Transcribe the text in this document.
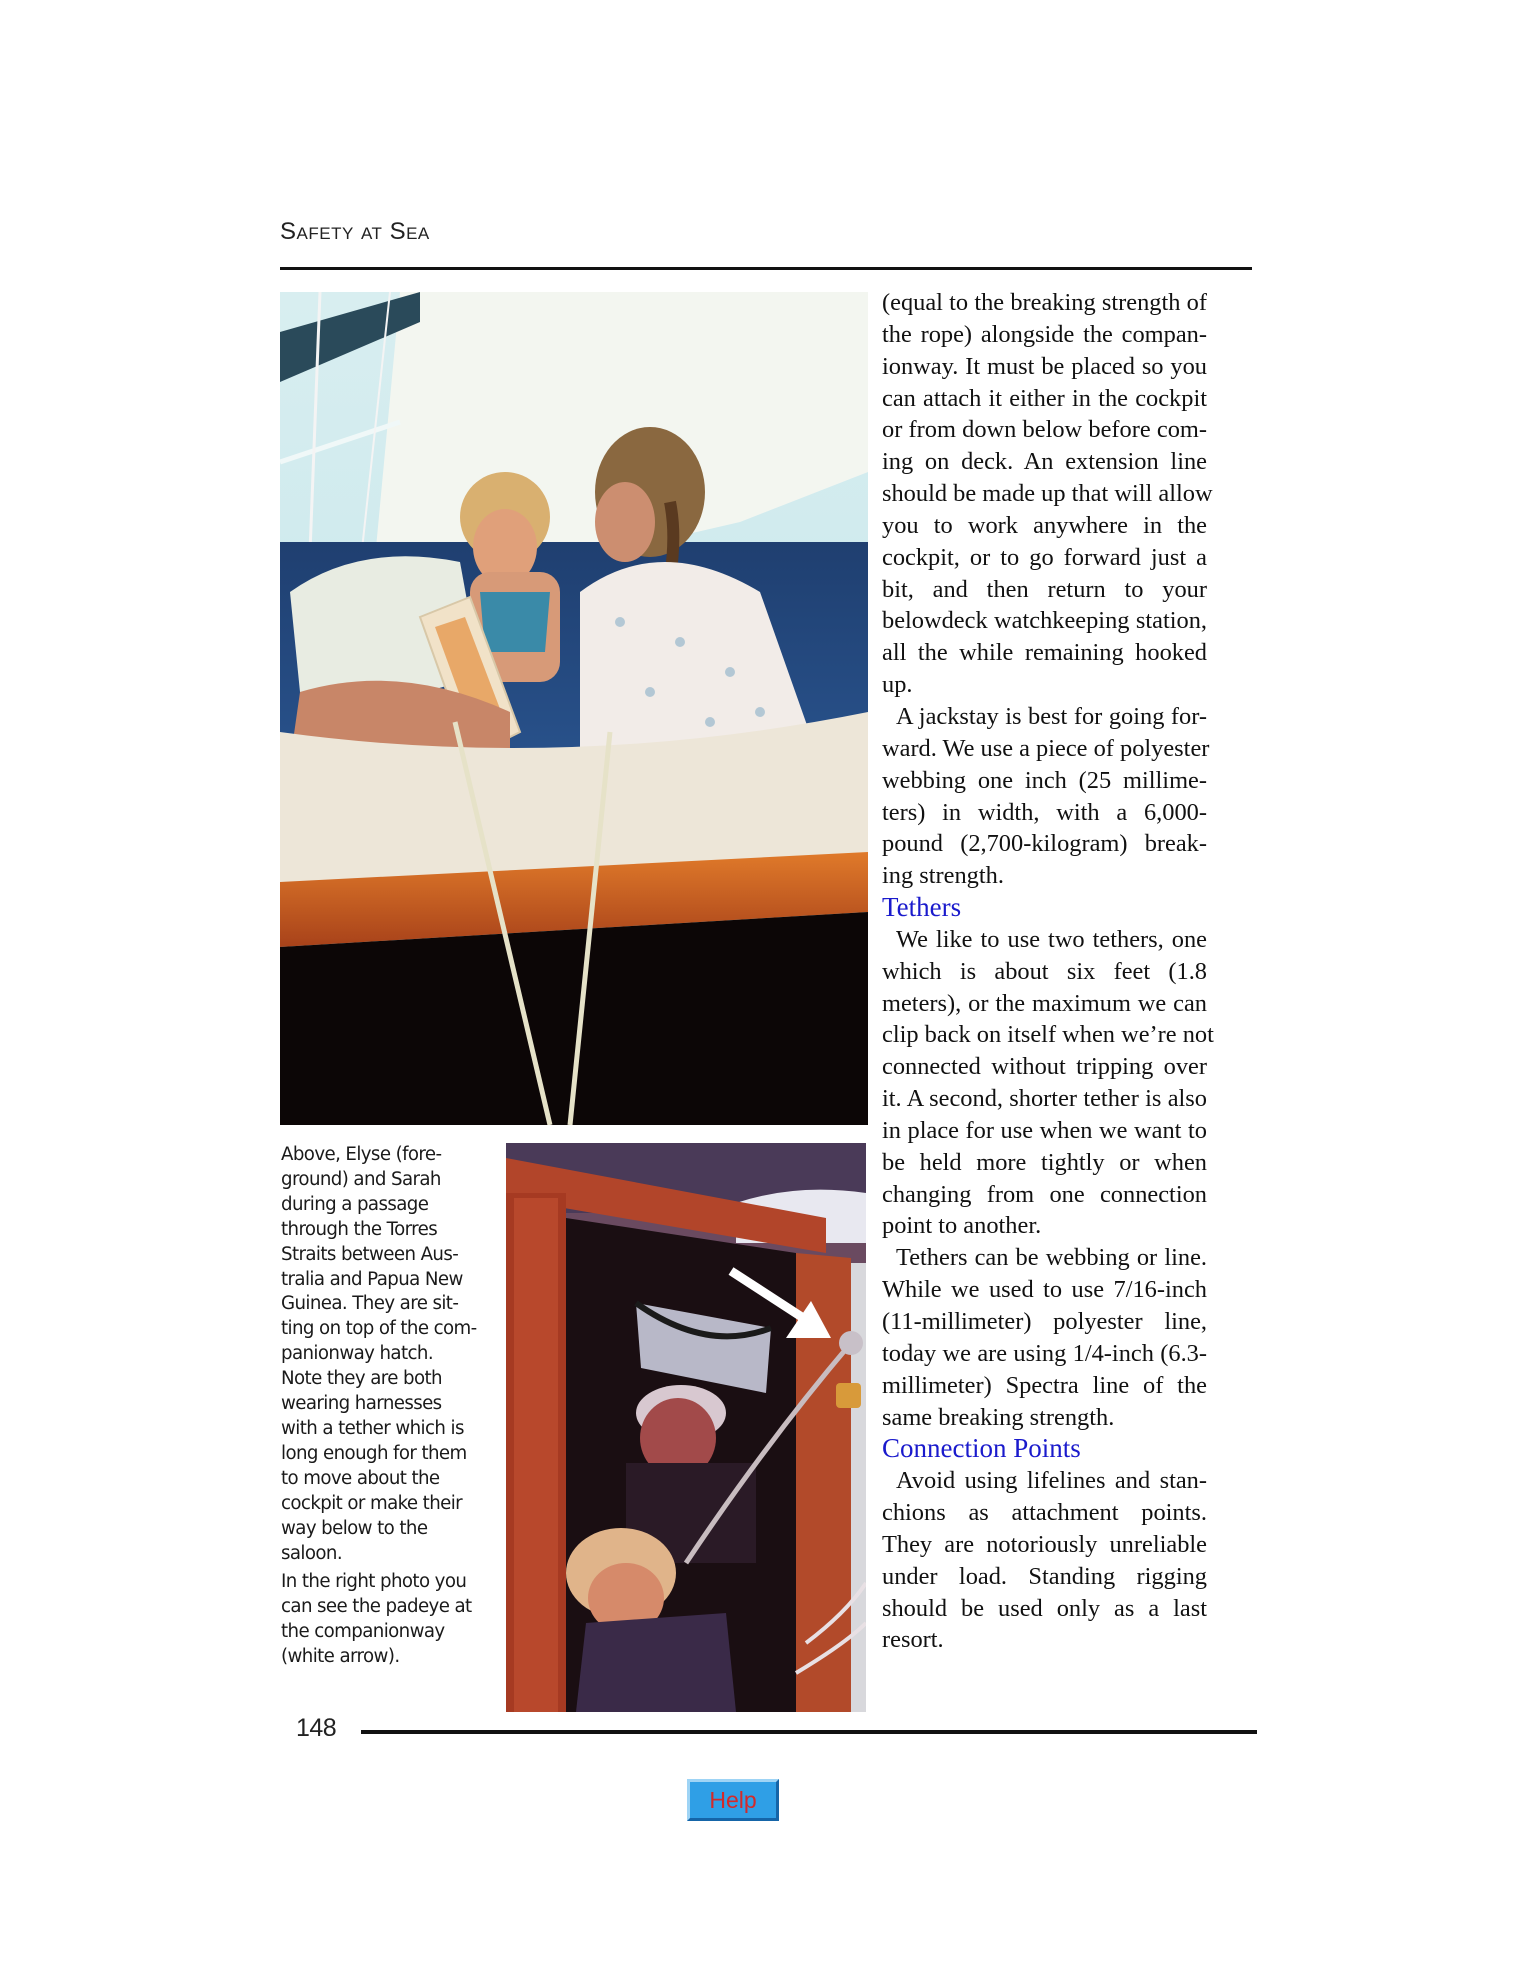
Safety at Sea

Above, Elyse (fore-
ground) and Sarah
during a passage
through the Torres
Straits between Aus-
tralia and Papua New
Guinea. They are sit-
ting on top of the com-
panionway hatch.
Note they are both
wearing harnesses
with a tether which is
long enough for them
to move about the
cockpit or make their
way below to the
saloon.

In the right photo you
can see the padeye at
the companionway
(white arrow).

(equal to the breaking strength of
the rope) alongside the compan-
ionway. It must be placed so you
can attach it either in the cockpit
or from down below before com-
ing on deck. An extension line
should be made up that will allow
you to work anywhere in the
cockpit, or to go forward just a
bit, and then return to your
belowdeck watchkeeping station,
all the while remaining hooked
up.
A jackstay is best for going for-
ward. We use a piece of polyester
webbing one inch (25 millime-
ters) in width, with a 6,000-
pound (2,700-kilogram) break-
ing strength.
Tethers
We like to use two tethers, one
which is about six feet (1.8
meters), or the maximum we can
clip back on itself when we’re not
connected without tripping over
it. A second, shorter tether is also
in place for use when we want to
be held more tightly or when
changing from one connection
point to another.
Tethers can be webbing or line.
While we used to use 7/16-inch
(11-millimeter) polyester line,
today we are using 1/4-inch (6.3-
millimeter) Spectra line of the
same breaking strength.
Connection Points
Avoid using lifelines and stan-
chions as attachment points.
They are notoriously unreliable
under load. Standing rigging
should be used only as a last
resort.
148
Help
